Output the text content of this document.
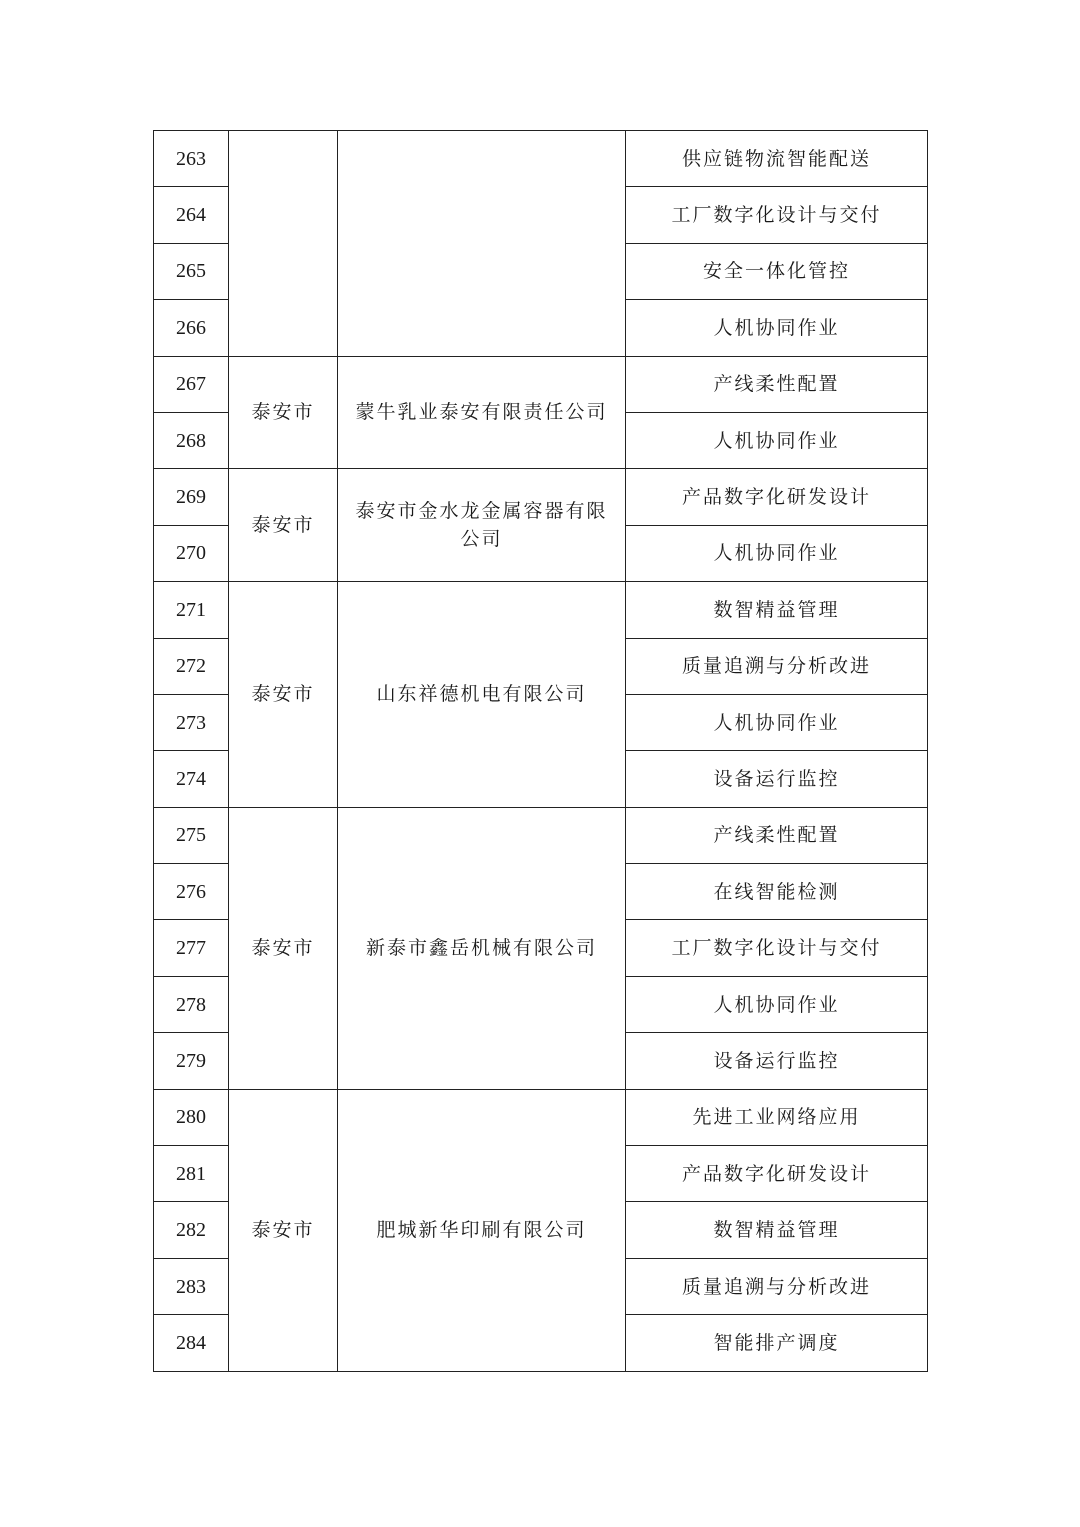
263			供应链物流智能配送
264			工厂数字化设计与交付
265			安全一体化管控
266			人机协同作业
267	泰安市	蒙牛乳业泰安有限责任公司	产线柔性配置
268			人机协同作业
269	泰安市	泰安市金水龙金属容器有限公司	产品数字化研发设计
270			人机协同作业
271	泰安市	山东祥德机电有限公司	数智精益管理
272			质量追溯与分析改进
273			人机协同作业
274			设备运行监控
275	泰安市	新泰市鑫岳机械有限公司	产线柔性配置
276			在线智能检测
277			工厂数字化设计与交付
278			人机协同作业
279			设备运行监控
280	泰安市	肥城新华印刷有限公司	先进工业网络应用
281			产品数字化研发设计
282			数智精益管理
283			质量追溯与分析改进
284			智能排产调度
